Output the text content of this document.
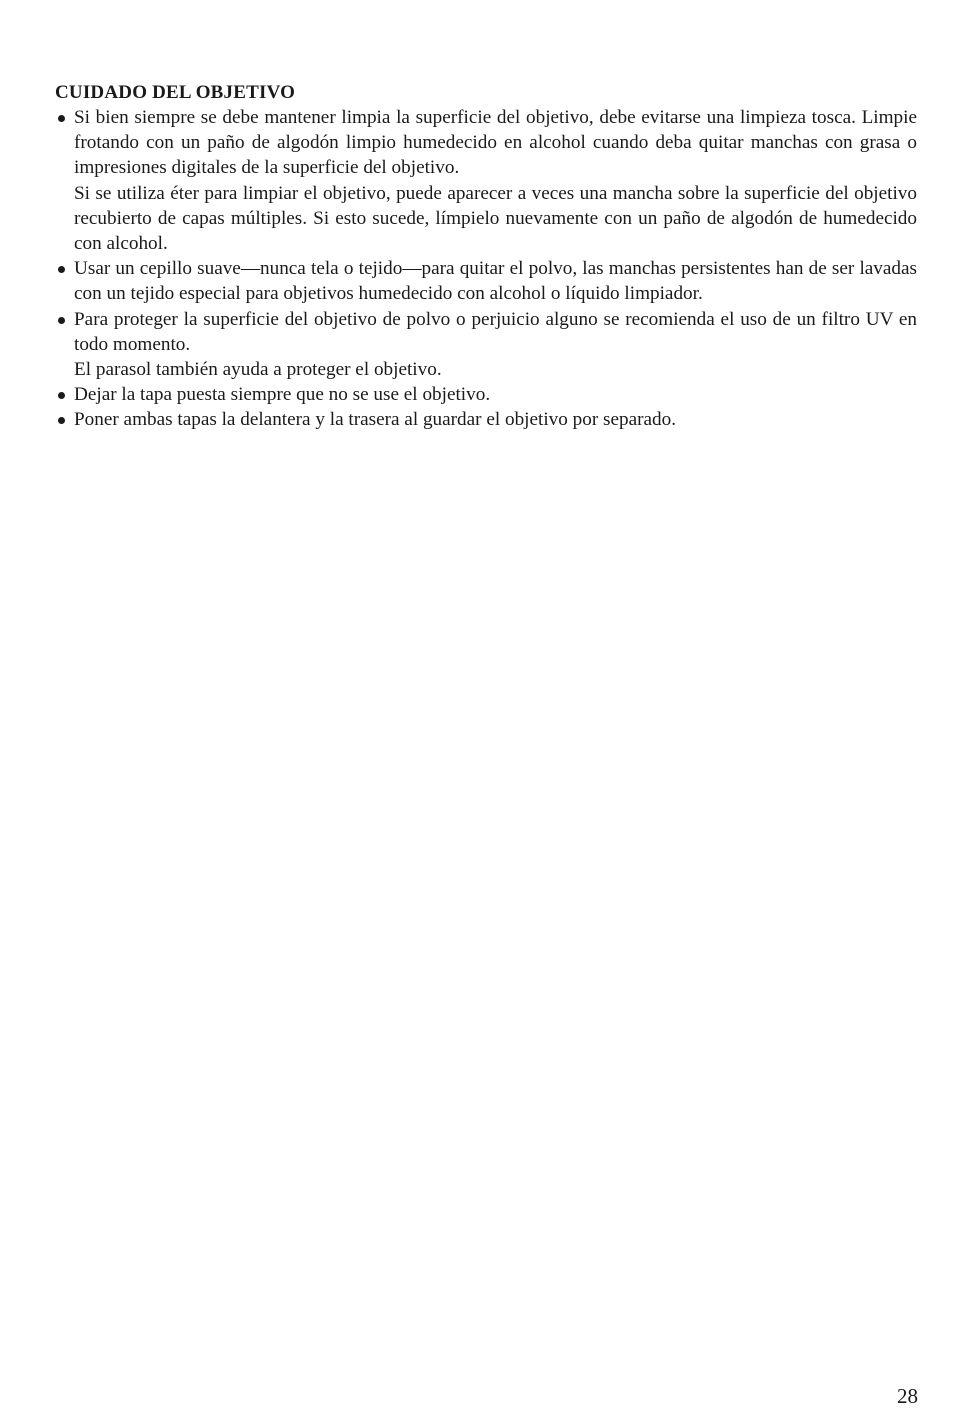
CUIDADO DEL OBJETIVO

Si bien siempre se debe mantener limpia la superficie del objetivo, debe evitarse una limpieza tosca. Limpie frotando con un paño de algodón limpio humedecido en alcohol cuando deba quitar manchas con grasa o impresiones digitales de la superficie del objetivo.

Si se utiliza éter para limpiar el objetivo, puede aparecer a veces una mancha sobre la superficie del objetivo recubierto de capas múltiples. Si esto sucede, límpielo nuevamente con un paño de algodón de humedecido con alcohol.

Usar un cepillo suave—nunca tela o tejido—para quitar el polvo, las manchas persistentes han de ser lavadas con un tejido especial para objetivos humedecido con alcohol o líquido limpiador.

Para proteger la superficie del objetivo de polvo o perjuicio alguno se recomienda el uso de un filtro UV en todo momento.

El parasol también ayuda a proteger el objetivo.

Dejar la tapa puesta siempre que no se use el objetivo.

Poner ambas tapas la delantera y la trasera al guardar el objetivo por separado.

28
